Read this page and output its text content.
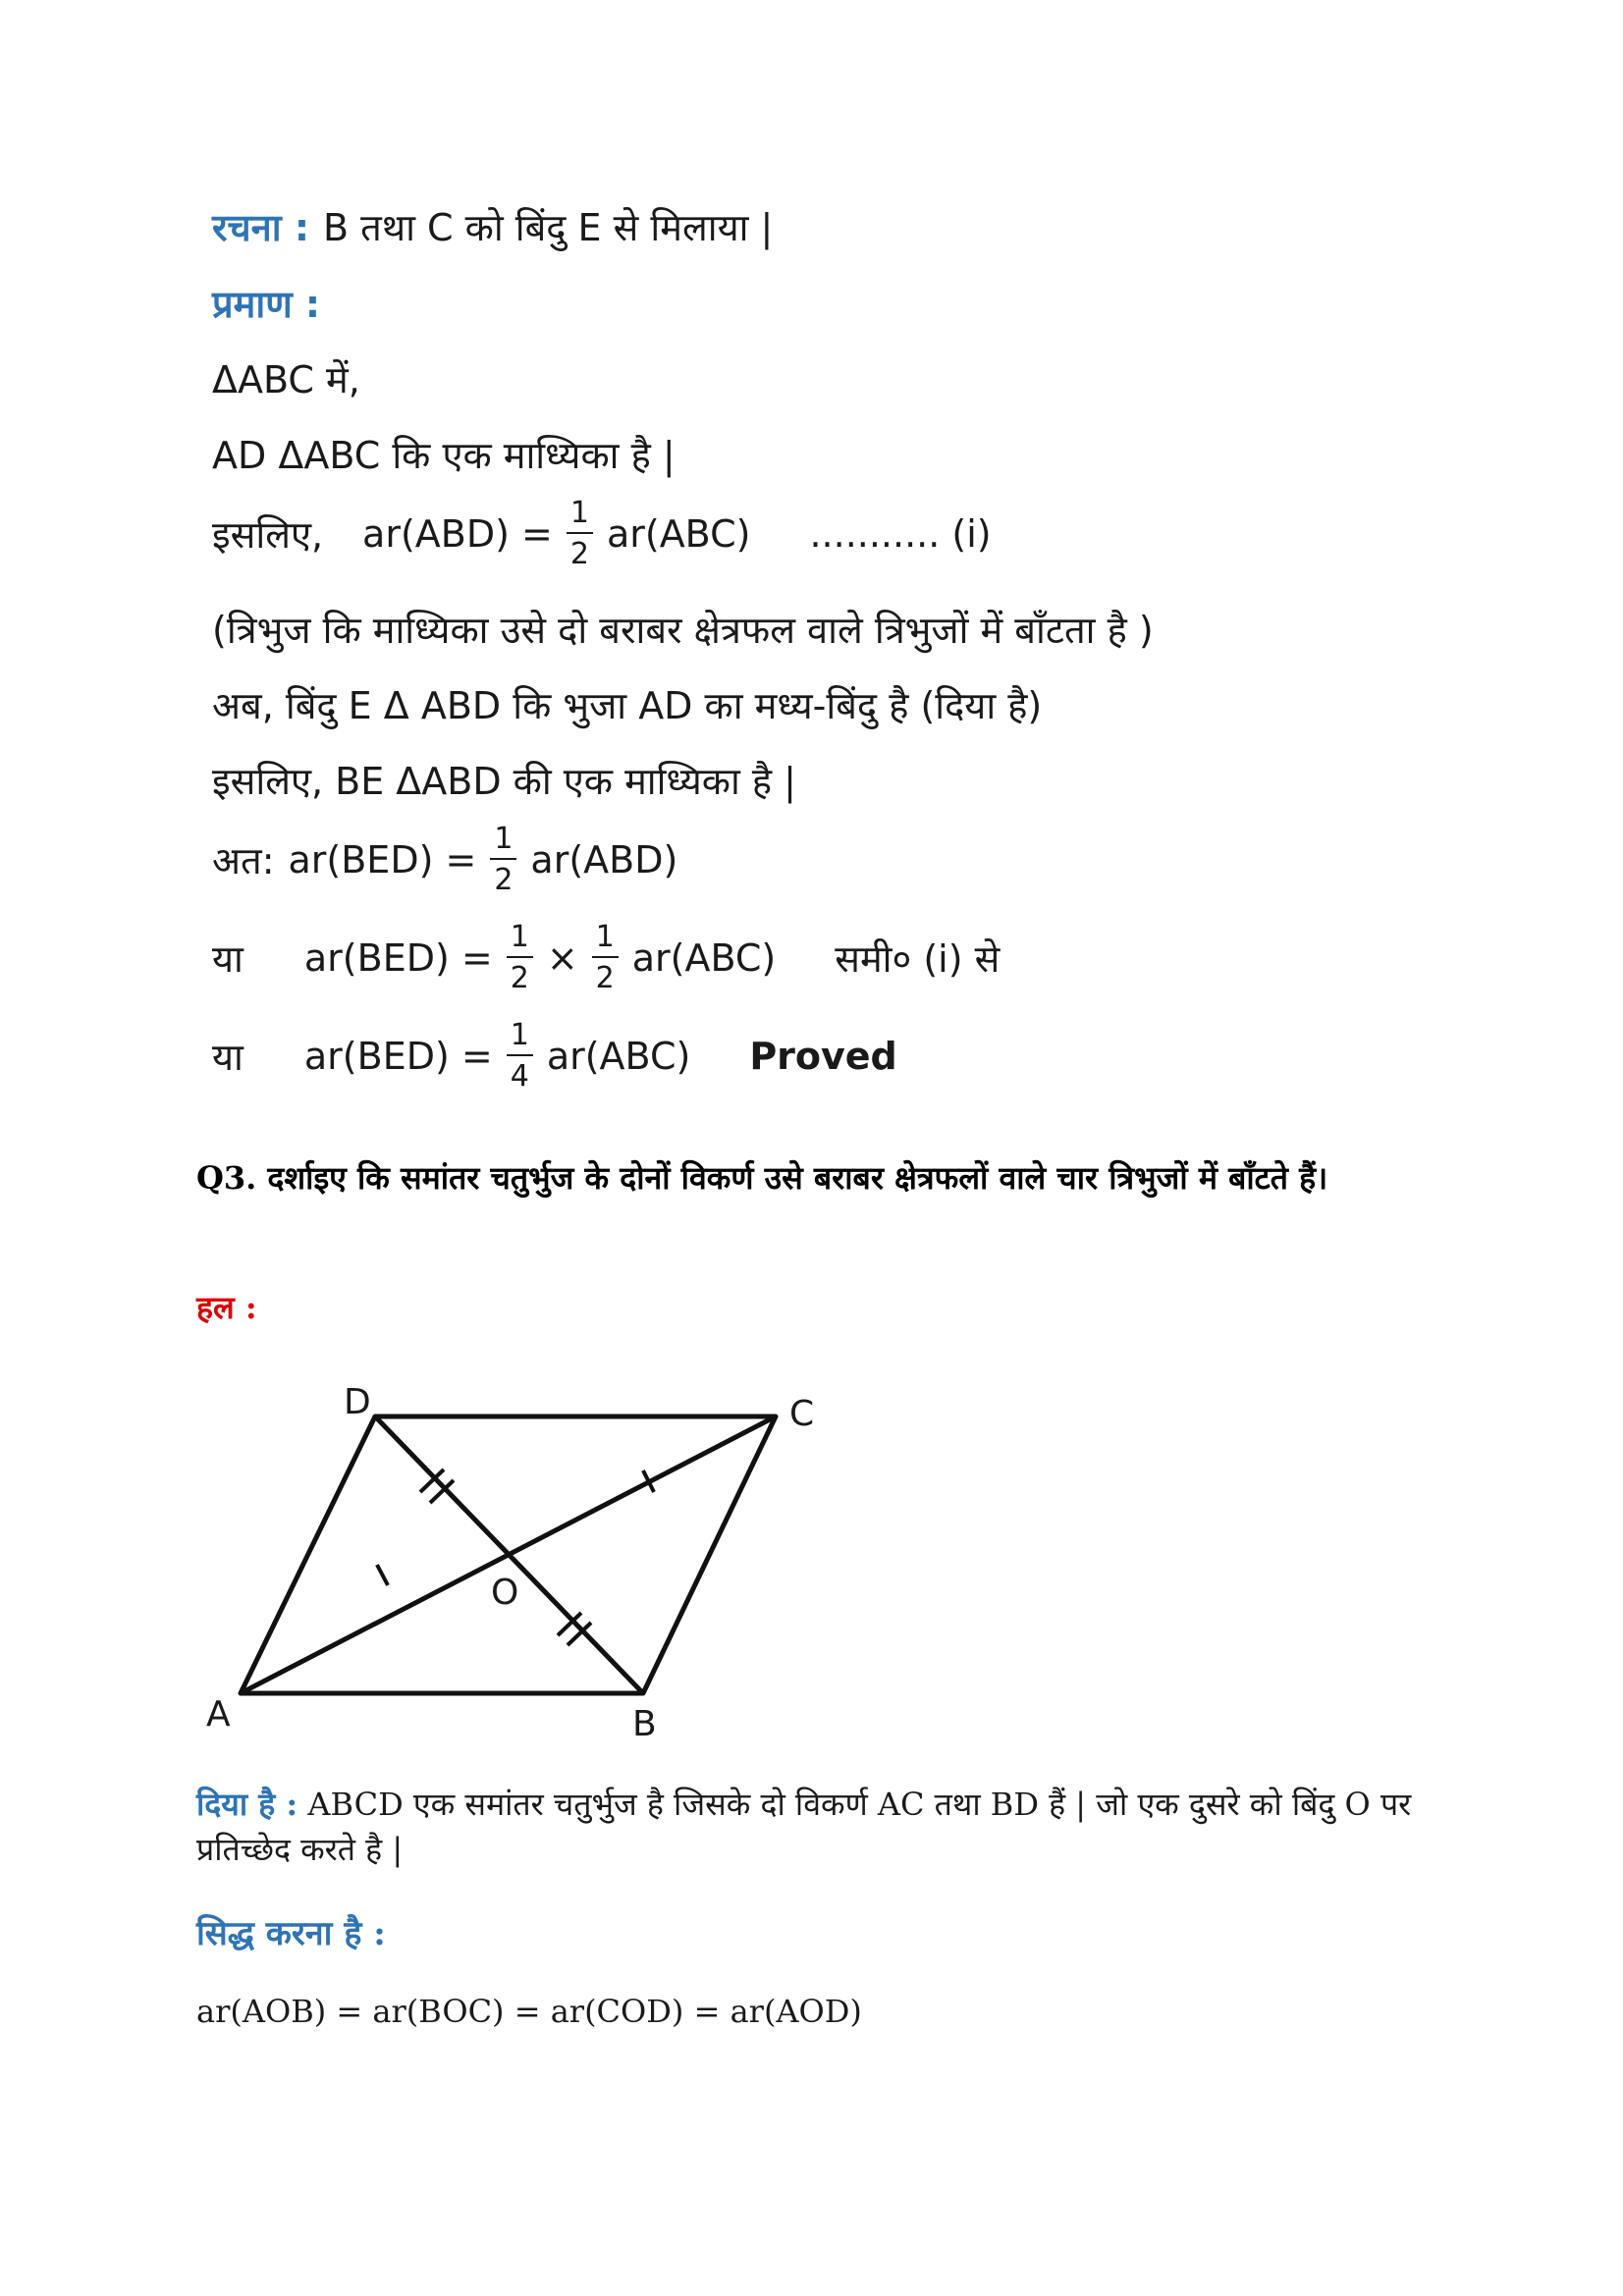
रचना : B तथा C को बिंदु E से मिलाया |
प्रमाण :
ΔABC में,
AD ΔABC कि एक माध्यिका है |
इसलिए, $ar(ABD) = \frac{1}{2} ar(ABC)$ ........... (i)
(त्रिभुज कि माध्यिका उसे दो बराबर क्षेत्रफल वाले त्रिभुजों में बाँटता है )
अब, बिंदु E Δ ABD कि भुजा AD का मध्य-बिंदु है (दिया है)
इसलिए, BE ΔABD की एक माध्यिका है |
अत: $ar(BED) = \frac{1}{2} ar(ABD)$
या $ar(BED) = \frac{1}{2} \times \frac{1}{2} ar(ABC)$ समी० (i) से
या $ar(BED) = \frac{1}{4} ar(ABC)$ Proved
Q3. दर्शाइए कि समांतर चतुर्भुज के दोनों विकर्ण उसे बराबर क्षेत्रफलों वाले चार त्रिभुजों में बाँटते हैं।
हल :
A	B
C
D
O
दिया है : ABCD एक समांतर चतुर्भुज है जिसके दो विकर्ण AC तथा BD हैं | जो एक दुसरे को बिंदु O पर प्रतिच्छेद करते है |
सिद्ध करना है :
ar(AOB) = ar(BOC) = ar(COD) = ar(AOD)
